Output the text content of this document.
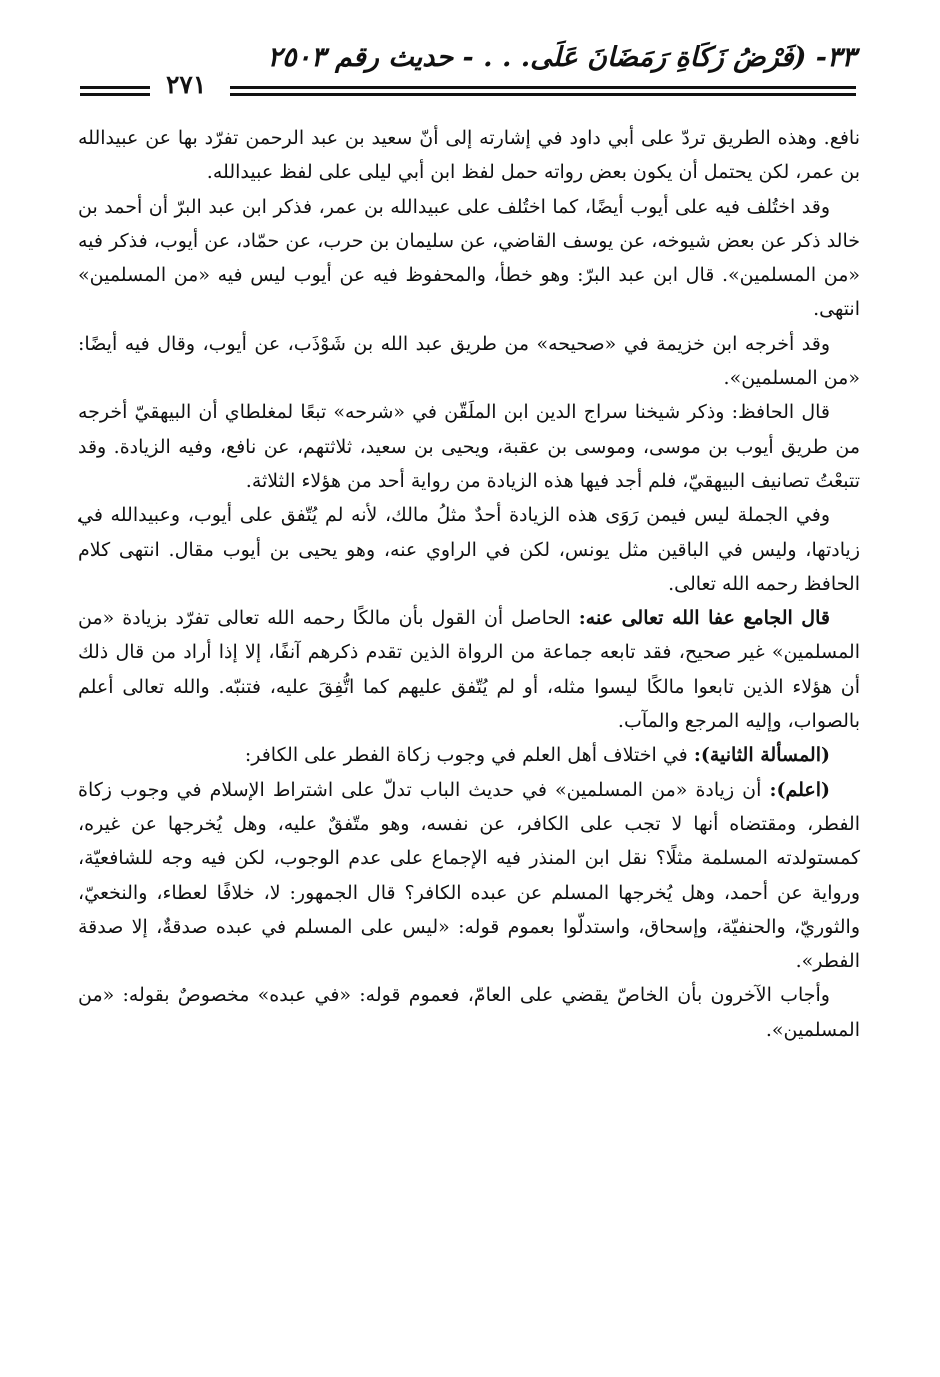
٣٣- (فَرْضُ زَكَاةِ رَمَضَانَ عَلَى. . . - حديث رقم ٢٥٠٣
٢٧١

نافع. وهذه الطريق تردّ على أبي داود في إشارته إلى أنّ سعيد بن عبد الرحمن تفرّد بها عن عبيدالله بن عمر، لكن يحتمل أن يكون بعض رواته حمل لفظ ابن أبي ليلى على لفظ عبيدالله.

وقد اختُلف فيه على أيوب أيضًا، كما اختُلف على عبيدالله بن عمر، فذكر ابن عبد البرّ أن أحمد بن خالد ذكر عن بعض شيوخه، عن يوسف القاضي، عن سليمان بن حرب، عن حمّاد، عن أيوب، فذكر فيه «من المسلمين». قال ابن عبد البرّ: وهو خطأ، والمحفوظ فيه عن أيوب ليس فيه «من المسلمين» انتهى.

وقد أخرجه ابن خزيمة في «صحيحه» من طريق عبد الله بن شَوْذَب، عن أيوب، وقال فيه أيضًا: «من المسلمين».

قال الحافظ: وذكر شيخنا سراج الدين ابن الملَقّن في «شرحه» تبعًا لمغلطاي أن البيهقيّ أخرجه من طريق أيوب بن موسى، وموسى بن عقبة، ويحيى بن سعيد، ثلاثتهم، عن نافع، وفيه الزيادة. وقد تتبعْتُ تصانيف البيهقيّ، فلم أجد فيها هذه الزيادة من رواية أحد من هؤلاء الثلاثة.

وفي الجملة ليس فيمن رَوَى هذه الزيادة أحدٌ مثلُ مالك، لأنه لم يُتّفق على أيوب، وعبيدالله في زيادتها، وليس في الباقين مثل يونس، لكن في الراوي عنه، وهو يحيى بن أيوب مقال. انتهى كلام الحافظ رحمه الله تعالى.

قال الجامع عفا الله تعالى عنه: الحاصل أن القول بأن مالكًا رحمه الله تعالى تفرّد بزيادة «من المسلمين» غير صحيح، فقد تابعه جماعة من الرواة الذين تقدم ذكرهم آنفًا، إلا إذا أراد من قال ذلك أن هؤلاء الذين تابعوا مالكًا ليسوا مثله، أو لم يُتّفق عليهم كما اتُّفِقَ عليه، فتنبّه. والله تعالى أعلم بالصواب، وإليه المرجع والمآب.

(المسألة الثانية): في اختلاف أهل العلم في وجوب زكاة الفطر على الكافر:

(اعلم): أن زيادة «من المسلمين» في حديث الباب تدلّ على اشتراط الإسلام في وجوب زكاة الفطر، ومقتضاه أنها لا تجب على الكافر، عن نفسه، وهو متّفقٌ عليه، وهل يُخرجها عن غيره، كمستولدته المسلمة مثلًا؟ نقل ابن المنذر فيه الإجماع على عدم الوجوب، لكن فيه وجه للشافعيّة، ورواية عن أحمد، وهل يُخرجها المسلم عن عبده الكافر؟ قال الجمهور: لا، خلافًا لعطاء، والنخعيّ، والثوريّ، والحنفيّة، وإسحاق، واستدلّوا بعموم قوله: «ليس على المسلم في عبده صدقةٌ، إلا صدقة الفطر».

وأجاب الآخرون بأن الخاصّ يقضي على العامّ، فعموم قوله: «في عبده» مخصوصٌ بقوله: «من المسلمين».
